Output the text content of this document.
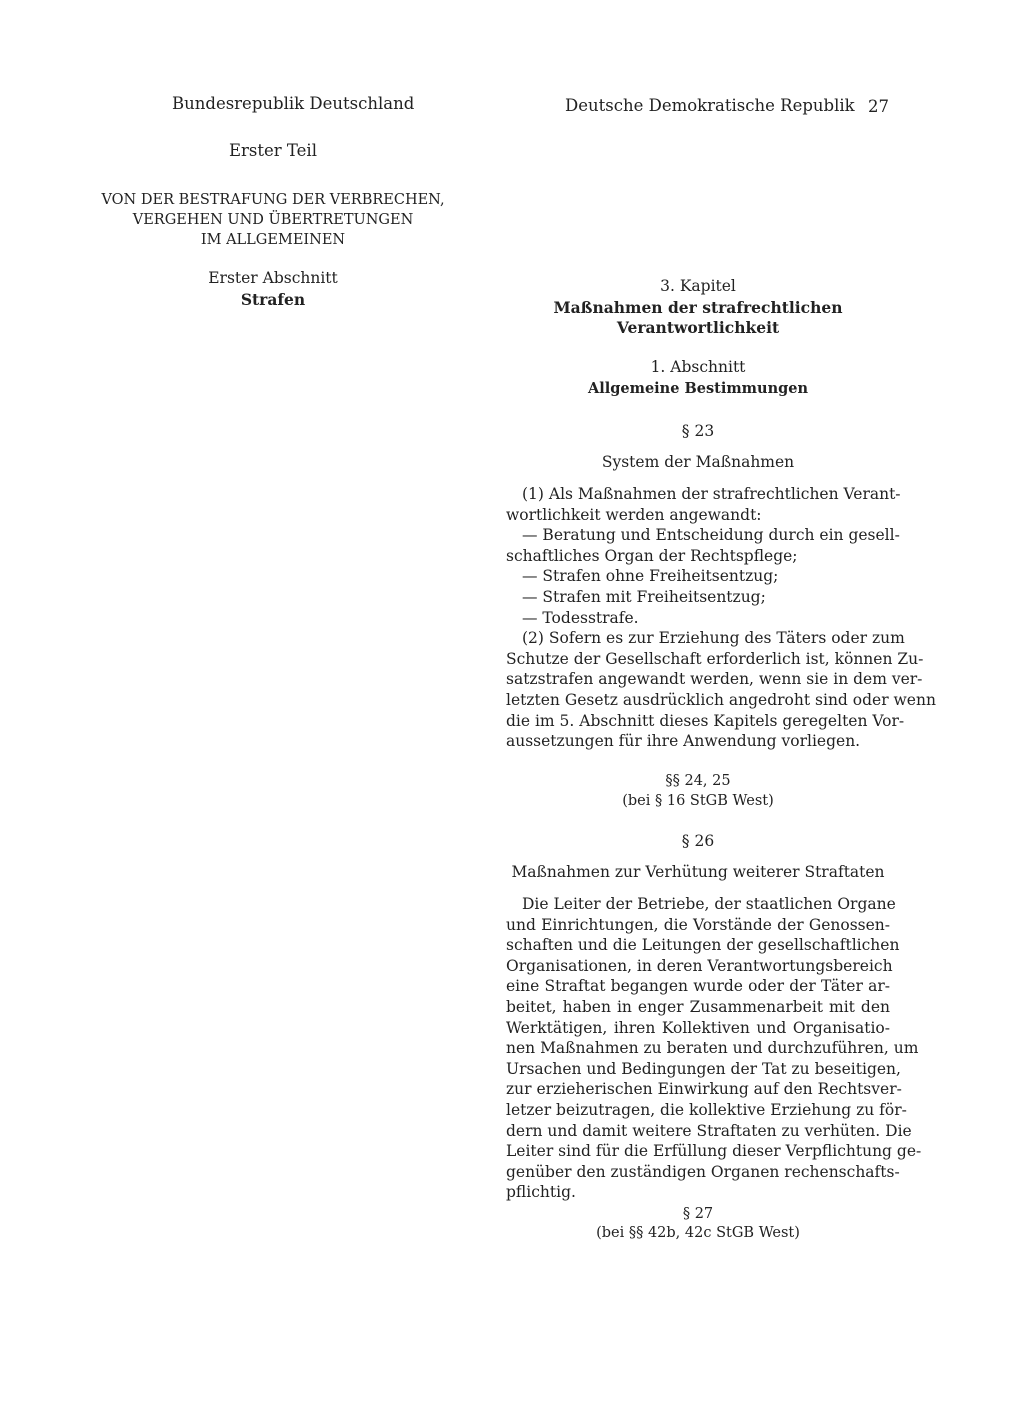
Bundesrepublik Deutschland	Deutsche Demokratische Republik 27
Erster Teil
VON DER BESTRAFUNG DER VERBRECHEN,
VERGEHEN UND ÜBERTRETUNGEN
IM ALLGEMEINEN
Erster Abschnitt
Strafen
3. Kapitel
Maßnahmen der strafrechtlichen
Verantwortlichkeit
1. Abschnitt
Allgemeine Bestimmungen
§ 23
System der Maßnahmen
(1) Als Maßnahmen der strafrechtlichen Verant-
wortlichkeit werden angewandt:
— Beratung und Entscheidung durch ein gesell-
schaftliches Organ der Rechtspflege;
— Strafen ohne Freiheitsentzug;
— Strafen mit Freiheitsentzug;
— Todesstrafe.
(2) Sofern es zur Erziehung des Täters oder zum
Schutze der Gesellschaft erforderlich ist, können Zu-
satzstrafen angewandt werden, wenn sie in dem ver-
letzten Gesetz ausdrücklich angedroht sind oder wenn
die im 5. Abschnitt dieses Kapitels geregelten Vor-
aussetzungen für ihre Anwendung vorliegen.
§§ 24, 25
(bei § 16 StGB West)
§ 26
Maßnahmen zur Verhütung weiterer Straftaten
Die Leiter der Betriebe, der staatlichen Organe
und Einrichtungen, die Vorstände der Genossen-
schaften und die Leitungen der gesellschaftlichen
Organisationen, in deren Verantwortungsbereich
eine Straftat begangen wurde oder der Täter ar-
beitet, haben in enger Zusammenarbeit mit den
Werktätigen, ihren Kollektiven und Organisatio-
nen Maßnahmen zu beraten und durchzuführen, um
Ursachen und Bedingungen der Tat zu beseitigen,
zur erzieherischen Einwirkung auf den Rechtsver-
letzer beizutragen, die kollektive Erziehung zu för-
dern und damit weitere Straftaten zu verhüten. Die
Leiter sind für die Erfüllung dieser Verpflichtung ge-
genüber den zuständigen Organen rechenschafts-
pflichtig.
§ 27
(bei §§ 42b, 42c StGB West)
